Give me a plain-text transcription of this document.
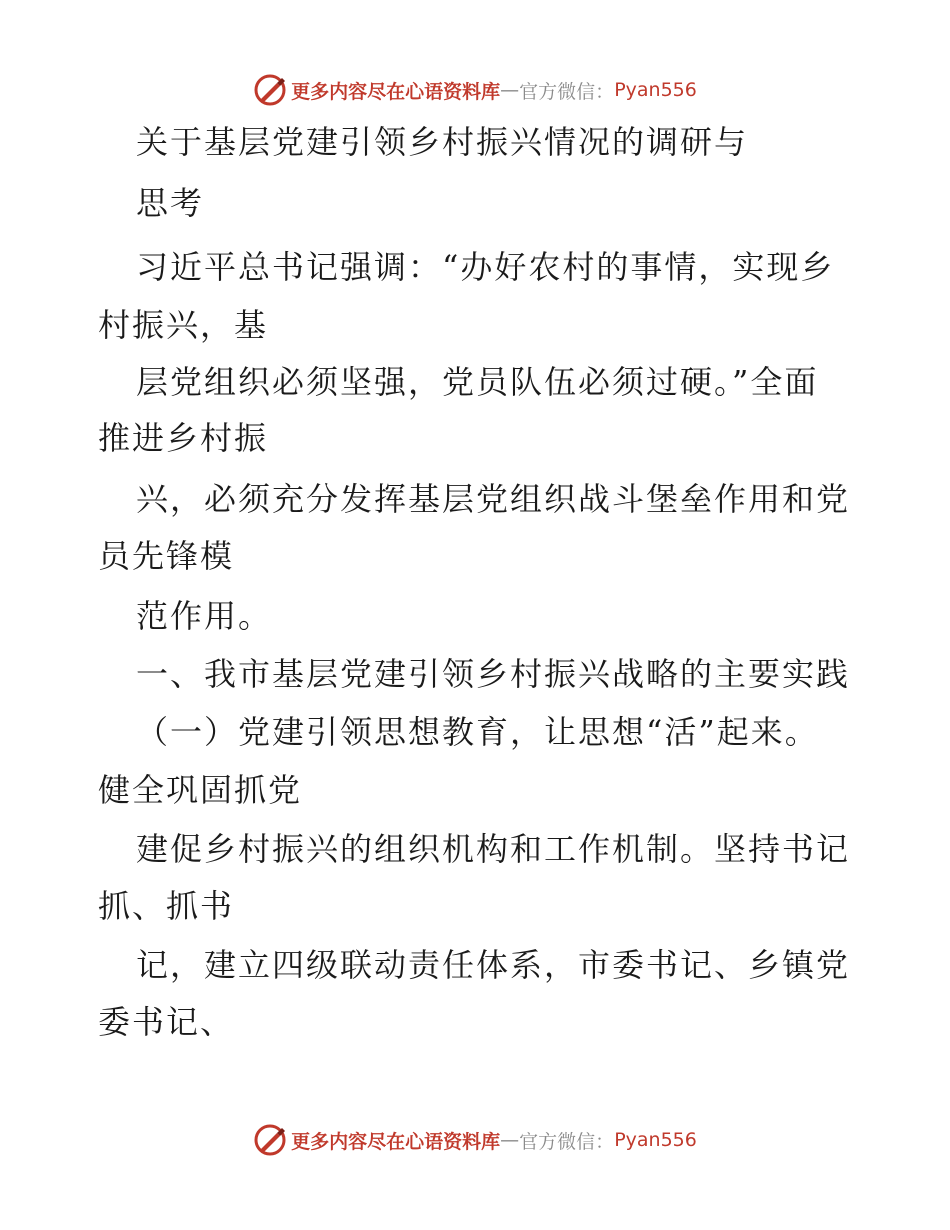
更多内容尽在心语资料库 — 官方微信： Pyan556
关于基层党建引领乡村振兴情况的调研与
思考
习近平总书记强调：“办好农村的事情，实现乡
村振兴，基
层党组织必须坚强，党员队伍必须过硬。”全面
推进乡村振
兴，必须充分发挥基层党组织战斗堡垒作用和党
员先锋模
范作用。
一、我市基层党建引领乡村振兴战略的主要实践
（一）党建引领思想教育，让思想“活”起来。
健全巩固抓党
建促乡村振兴的组织机构和工作机制。坚持书记
抓、抓书
记，建立四级联动责任体系，市委书记、乡镇党
委书记、
更多内容尽在心语资料库 — 官方微信： Pyan556
